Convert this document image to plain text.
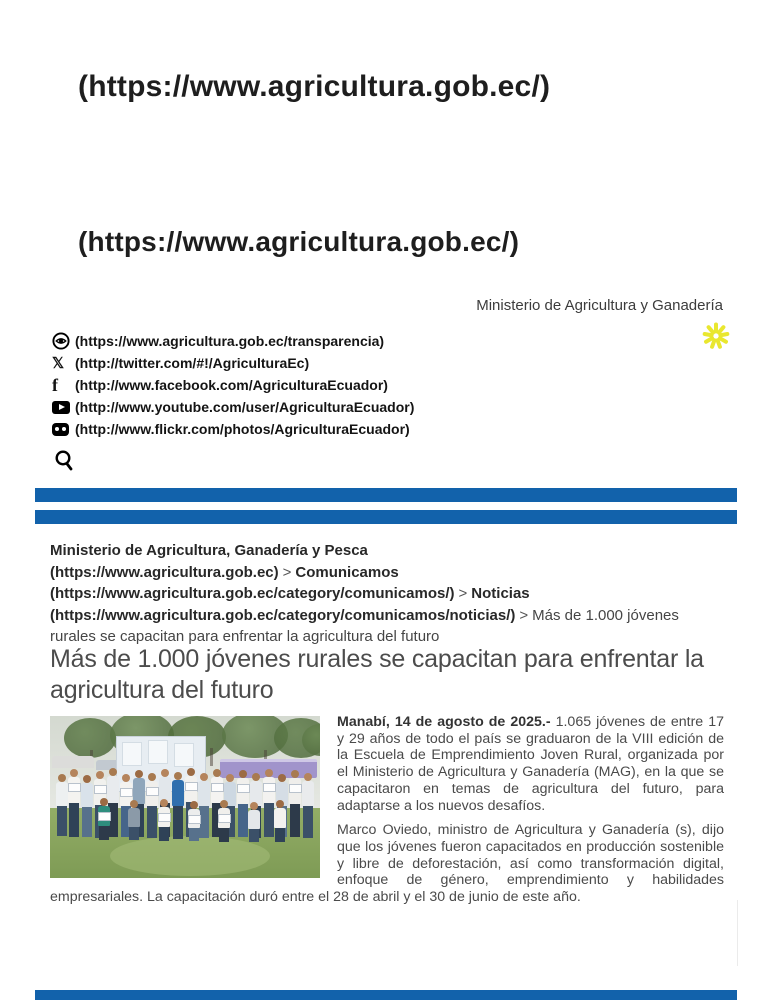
(https://www.agricultura.gob.ec/)
(https://www.agricultura.gob.ec/)
Ministerio de Agricultura y Ganadería
(https://www.agricultura.gob.ec/transparencia)
𝕏 (http://twitter.com/#!/AgriculturaEc)
f	(http://www.facebook.com/AgriculturaEcuador)
(http://www.youtube.com/user/AgriculturaEcuador)
(http://www.flickr.com/photos/AgriculturaEcuador)
Ministerio de Agricultura, Ganadería y Pesca (https://www.agricultura.gob.ec) > Comunicamos (https://www.agricultura.gob.ec/category/comunicamos/) > Noticias (https://www.agricultura.gob.ec/category/comunicamos/noticias/) > Más de 1.000 jóvenes rurales se capacitan para enfrentar la agricultura del futuro
Más de 1.000 jóvenes rurales se capacitan para enfrentar la agricultura del futuro

Manabí, 14 de agosto de 2025.- 1.065 jóvenes de entre 17 y 29 años de todo el país se graduaron de la VIII edición de la Escuela de Emprendimiento Joven Rural, organizada por el Ministerio de Agricultura y Ganadería (MAG), en la que se capacitaron en temas de agricultura del futuro, para adaptarse a los nuevos desafíos.

Marco Oviedo, ministro de Agricultura y Ganadería (s), dijo que los jóvenes fueron capacitados en producción sostenible y libre de deforestación, así como transformación digital, enfoque de género, emprendimiento y habilidades empresariales. La capacitación duró entre el 28 de abril y el 30 de junio de este año.
